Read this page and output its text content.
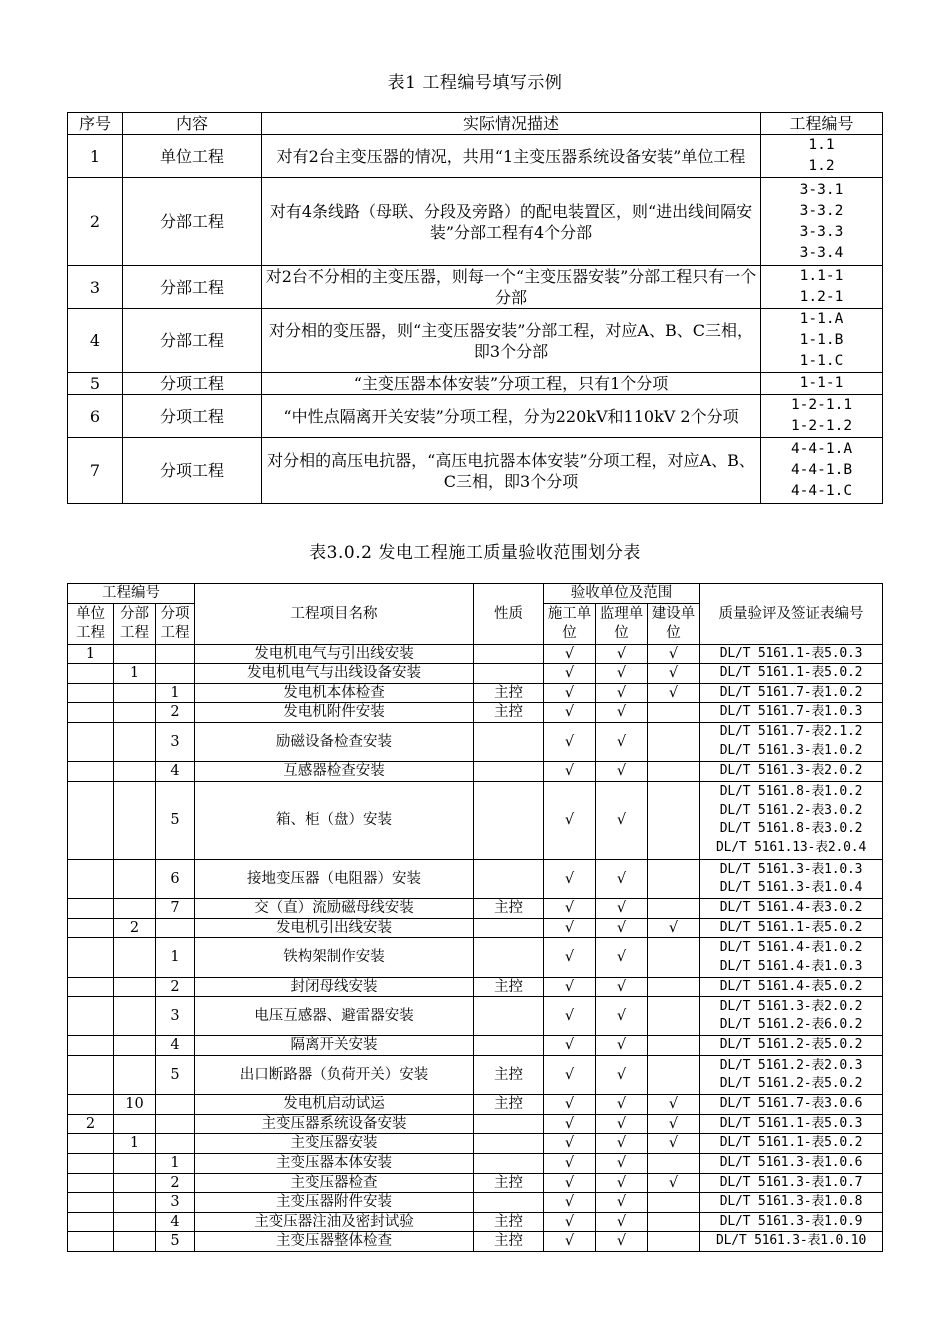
表1 工程编号填写示例
序号	内容	实际情况描述	工程编号
1	单位工程	对有2台主变压器的情况，共用“1主变压器系统设备安装”单位工程	1.1
1.2

2	分部工程	对有4条线路（母联、分段及旁路）的配电装置区，则“进出线间隔安装”分部工程有4个分部	3-3.1
3-3.2
3-3.3
3-3.4

3	分部工程	对2台不分相的主变压器，则每一个“主变压器安装”分部工程只有一个分部	1.1-1
1.2-1

4	分部工程	对分相的变压器，则“主变压器安装”分部工程，对应A、B、C三相，即3个分部	1-1.A
1-1.B
1-1.C

5	分项工程	“主变压器本体安装”分项工程，只有1个分项	1-1-1

6	分项工程	“中性点隔离开关安装”分项工程，分为220kV和110kV 2个分项	1-2-1.1
1-2-1.2

7	分项工程	对分相的高压电抗器，“高压电抗器本体安装”分项工程，对应A、B、C三相，即3个分项	4-4-1.A
4-4-1.B
4-4-1.C
表3.0.2 发电工程施工质量验收范围划分表
工程编号			工程项目名称	性质	验收单位及范围			质量验评及签证表编号
单位工程	分部工程	分项工程			施工单位	监理单位	建设单位	
1			发电机电气与引出线安装		√	√	√	DL/T 5161.1-表5.0.3

	1		发电机电气与出线设备安装		√	√	√	DL/T 5161.1-表5.0.2

		1	发电机本体检查	主控	√	√	√	DL/T 5161.7-表1.0.2

		2	发电机附件安装	主控	√	√		DL/T 5161.7-表1.0.3

		3	励磁设备检查安装		√	√		DL/T 5161.7-表2.1.2
DL/T 5161.3-表1.0.2

		4	互感器检查安装		√	√		DL/T 5161.3-表2.0.2

		5	箱、柜（盘）安装		√	√		DL/T 5161.8-表1.0.2
DL/T 5161.2-表3.0.2
DL/T 5161.8-表3.0.2
DL/T 5161.13-表2.0.4

		6	接地变压器（电阻器）安装		√	√		DL/T 5161.3-表1.0.3
DL/T 5161.3-表1.0.4

		7	交（直）流励磁母线安装	主控	√	√		DL/T 5161.4-表3.0.2

	2		发电机引出线安装		√	√	√	DL/T 5161.1-表5.0.2

		1	铁构架制作安装		√	√		DL/T 5161.4-表1.0.2
DL/T 5161.4-表1.0.3

		2	封闭母线安装	主控	√	√		DL/T 5161.4-表5.0.2

		3	电压互感器、避雷器安装		√	√		DL/T 5161.3-表2.0.2
DL/T 5161.2-表6.0.2

		4	隔离开关安装		√	√		DL/T 5161.2-表5.0.2

		5	出口断路器（负荷开关）安装	主控	√	√		DL/T 5161.2-表2.0.3
DL/T 5161.2-表5.0.2

	10		发电机启动试运	主控	√	√	√	DL/T 5161.7-表3.0.6

2			主变压器系统设备安装		√	√	√	DL/T 5161.1-表5.0.3

	1		主变压器安装		√	√	√	DL/T 5161.1-表5.0.2

		1	主变压器本体安装		√	√		DL/T 5161.3-表1.0.6

		2	主变压器检查	主控	√	√	√	DL/T 5161.3-表1.0.7

		3	主变压器附件安装		√	√		DL/T 5161.3-表1.0.8

		4	主变压器注油及密封试验	主控	√	√		DL/T 5161.3-表1.0.9

		5	主变压器整体检查	主控	√	√		DL/T 5161.3-表1.0.10
